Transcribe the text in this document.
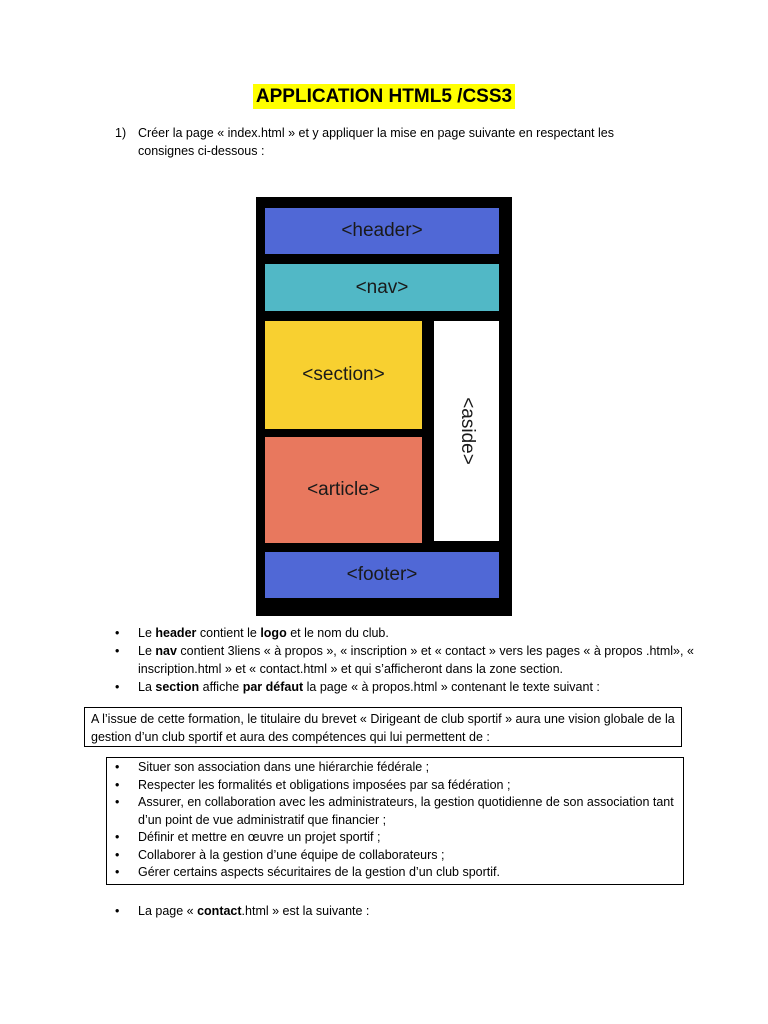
APPLICATION HTML5 /CSS3
1) Créer la page « index.html » et y appliquer la mise en page suivante en respectant les consignes ci-dessous :
<header>
<nav>
<section>
<article>
<aside>
<footer>
• Le header contient le logo et le nom du club.
• Le nav contient 3liens « à propos », « inscription » et « contact » vers les pages « à propos .html», « inscription.html » et « contact.html » et qui s’afficheront dans la zone section.
• La section affiche par défaut la page « à propos.html » contenant le texte suivant :
A l’issue de cette formation, le titulaire du brevet « Dirigeant de club sportif » aura une vision globale de la gestion d’un club sportif et aura des compétences qui lui permettent de :
• Situer son association dans une hiérarchie fédérale ;
• Respecter les formalités et obligations imposées par sa fédération ;
• Assurer, en collaboration avec les administrateurs, la gestion quotidienne de son association tant d’un point de vue administratif que financier ;
• Définir et mettre en œuvre un projet sportif ;
• Collaborer à la gestion d’une équipe de collaborateurs ;
• Gérer certains aspects sécuritaires de la gestion d’un club sportif.
• La page « contact.html » est la suivante :
